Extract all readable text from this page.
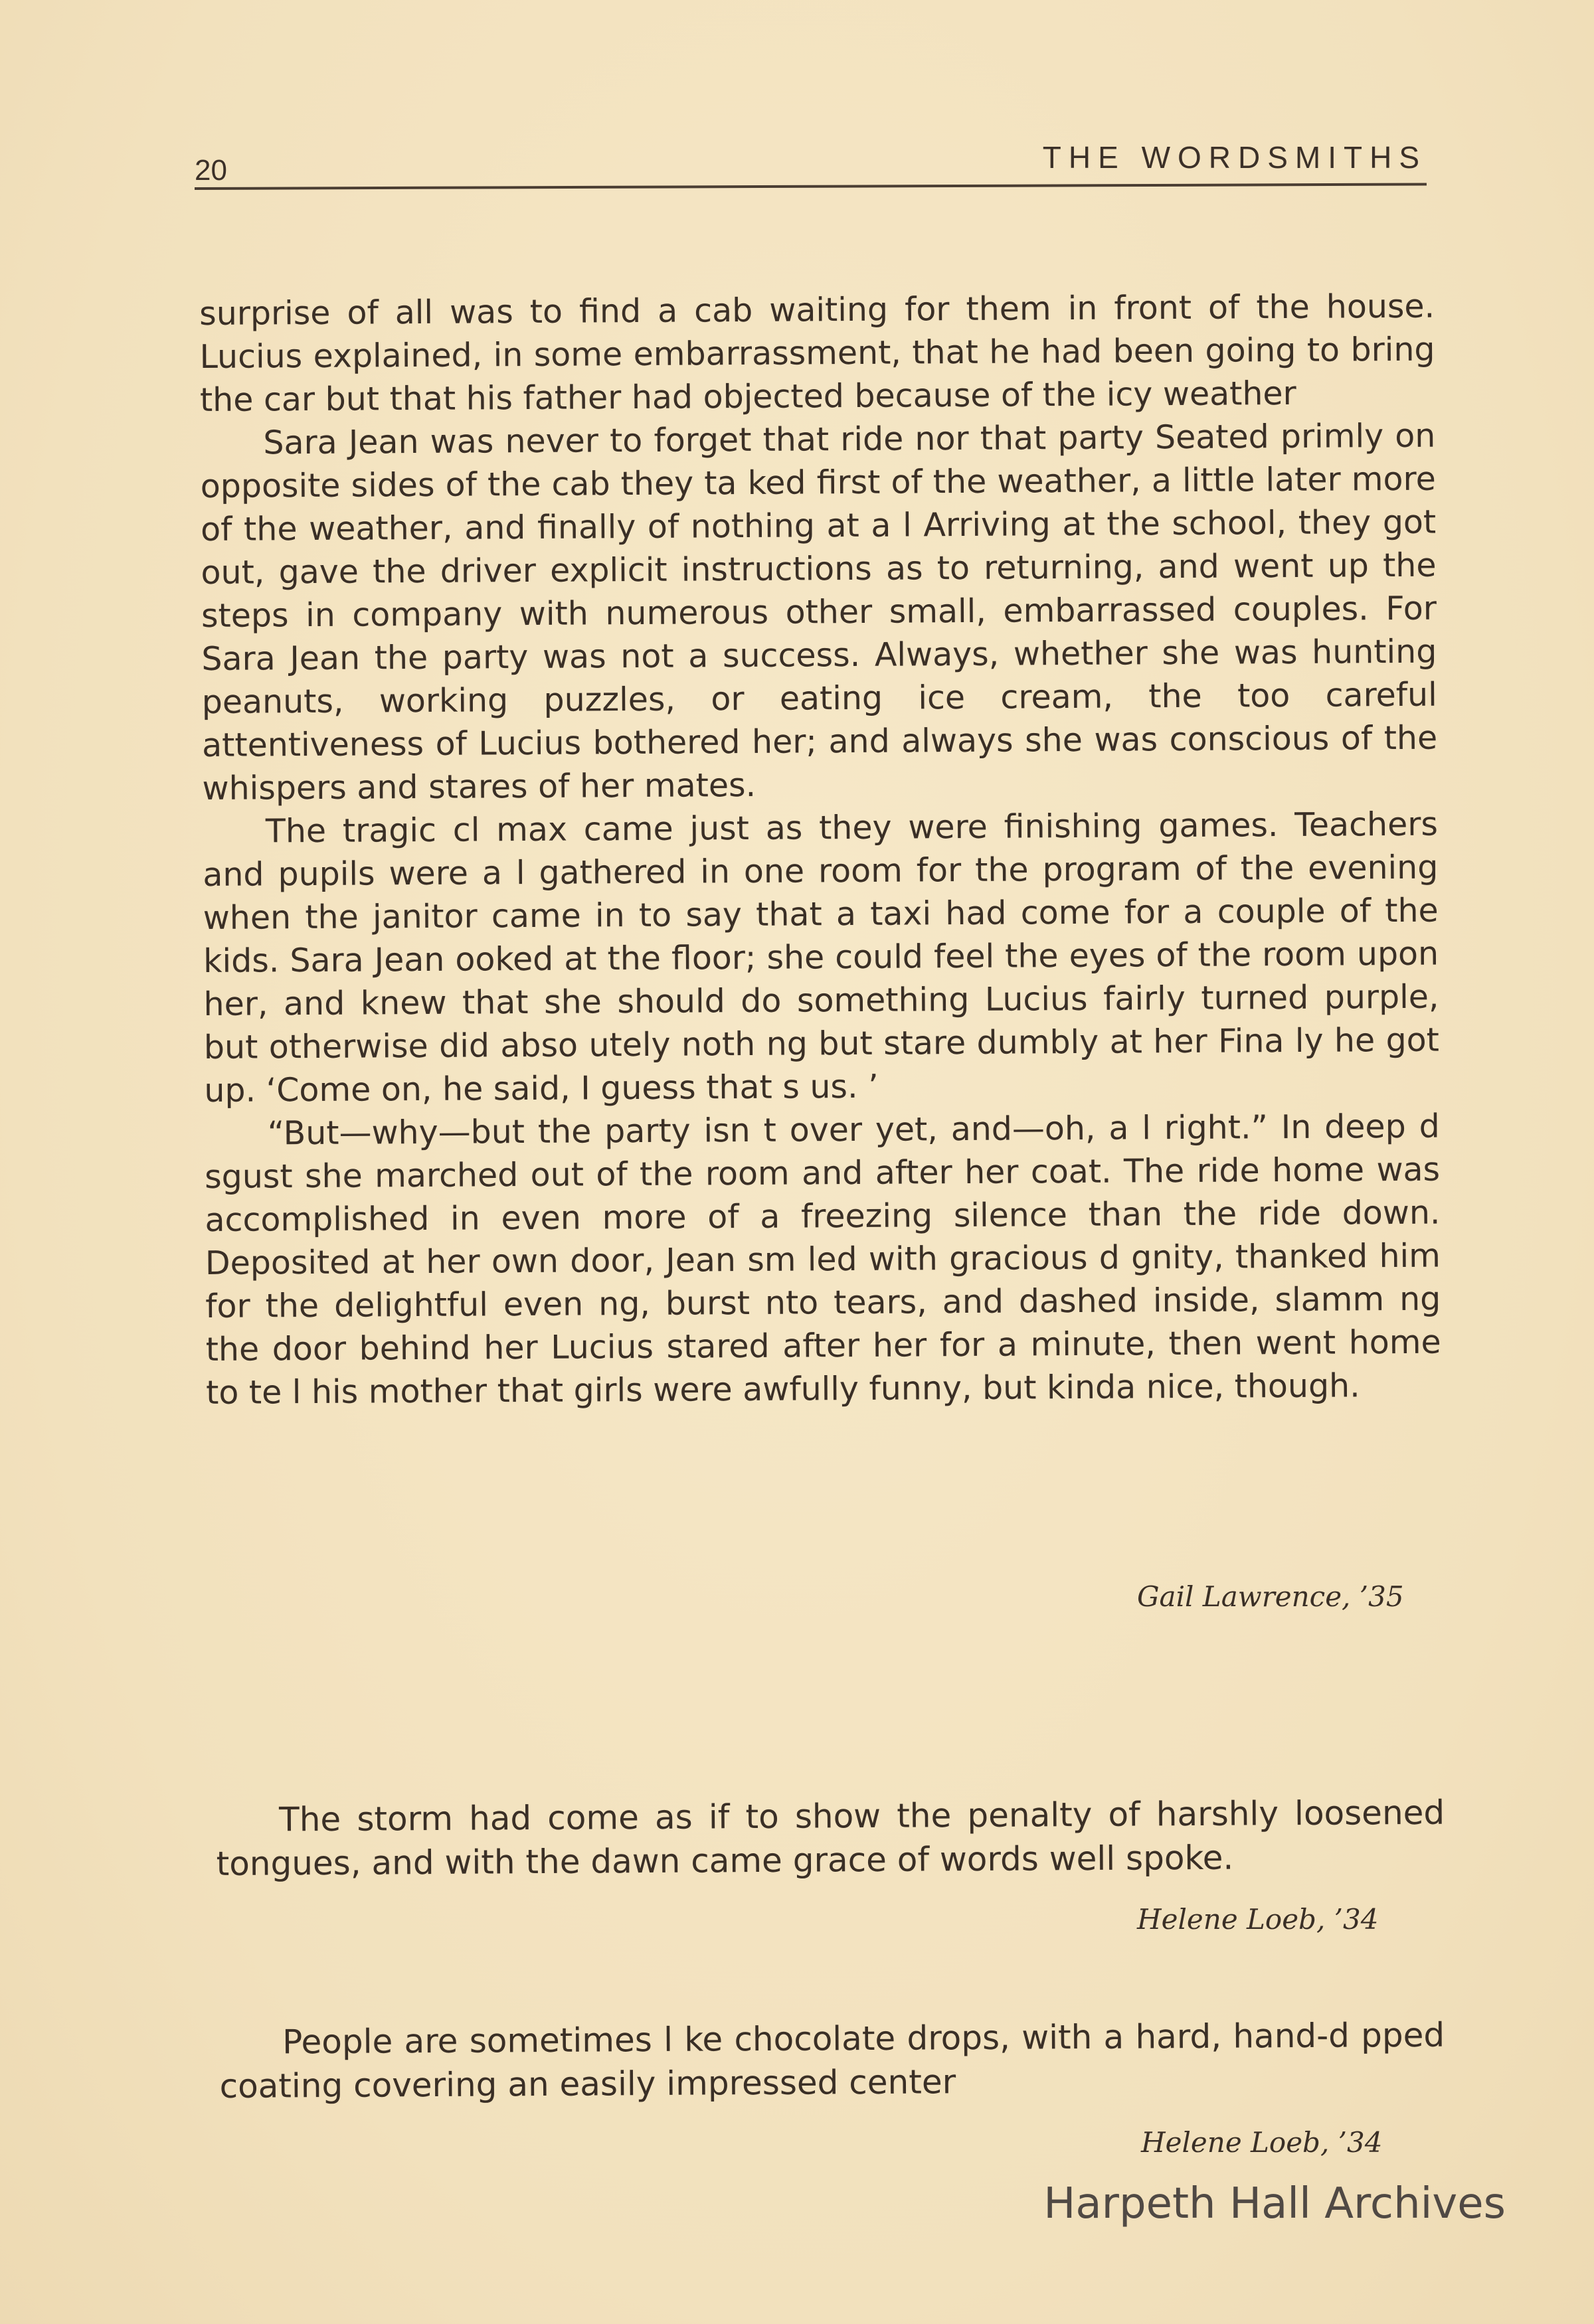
20	THE WORDSMITHS

surprise of all was to find a cab waiting for them in front of the house. Lucius explained, in some embarrassment, that he had been going to bring the car but that his father had objected because of the icy weather

Sara Jean was never to forget that ride nor that party Seated primly on opposite sides of the cab they ta ked first of the weather, a little later more of the weather, and finally of nothing at a l Arriving at the school, they got out, gave the driver explicit instructions as to returning, and went up the steps in company with numerous other small, embarrassed couples. For Sara Jean the party was not a success. Always, whether she was hunting peanuts, working puzzles, or eating ice cream, the too careful attentiveness of Lucius bothered her; and always she was conscious of the whispers and stares of her mates.

The tragic cl max came just as they were finishing games. Teachers and pupils were a l gathered in one room for the program of the evening when the janitor came in to say that a taxi had come for a couple of the kids. Sara Jean ooked at the floor; she could feel the eyes of the room upon her, and knew that she should do something Lucius fairly turned purple, but otherwise did abso utely noth ng but stare dumbly at her Fina ly he got up. ‘Come on, he said, I guess that s us. ’

“But—why—but the party isn t over yet, and—oh, a l right.” In deep d sgust she marched out of the room and after her coat. The ride home was accomplished in even more of a freezing silence than the ride down. Deposited at her own door, Jean sm led with gracious d gnity, thanked him for the delightful even ng, burst nto tears, and dashed inside, slamm ng the door behind her Lucius stared after her for a minute, then went home to te l his mother that girls were awfully funny, but kinda nice, though.

Gail Lawrence, ’35

The storm had come as if to show the penalty of harshly loosened tongues, and with the dawn came grace of words well spoke.

Helene Loeb, ’34

People are sometimes l ke chocolate drops, with a hard, hand-d pped coating covering an easily impressed center

Helene Loeb, ’34
Harpeth Hall Archives
